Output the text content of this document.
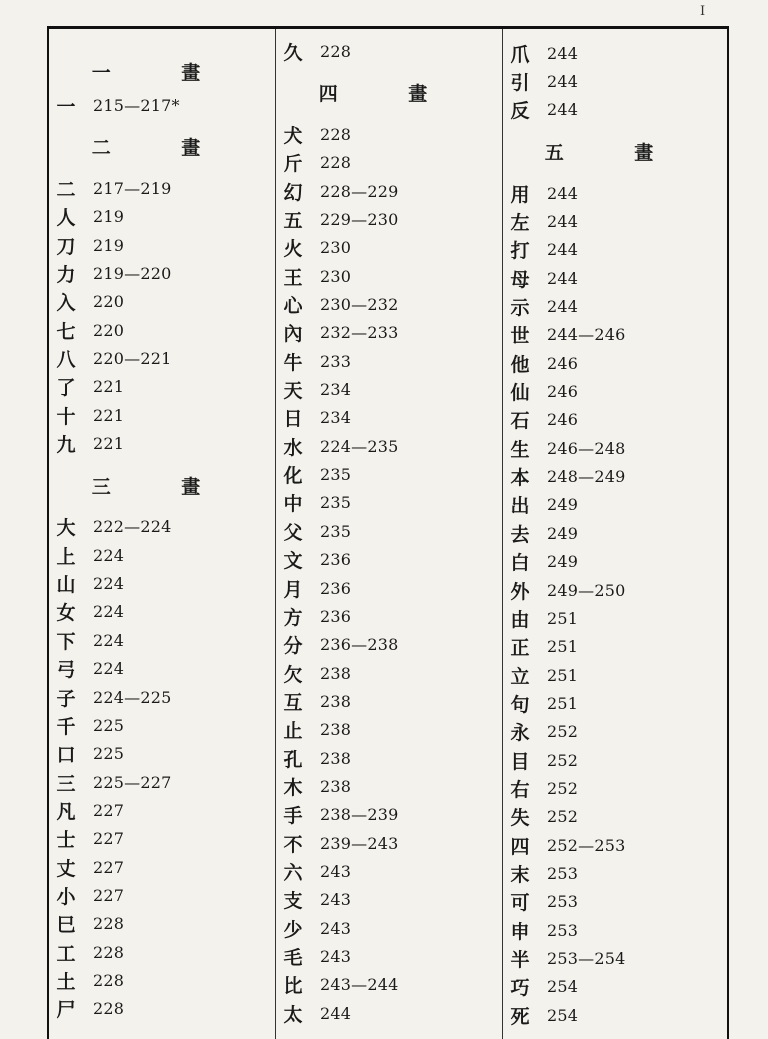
I
一 畫
一	215—217*
二 畫
二	217—219
人	219
刀	219
力	219—220
入	220
七	220
八	220—221
了	221
十	221
九	221
三 畫
大	222—224
上	224
山	224
女	224
下	224
弓	224
子	224—225
千	225
口	225
三	225—227
凡	227
士	227
丈	227
小	227
巳	228
工	228
土	228
尸	228
久	228
四 畫
犬	228
斤	228
幻	228—229
五	229—230
火	230
王	230
心	230—232
內	232—233
牛	233
天	234
日	234
水	224—235
化	235
中	235
父	235
文	236
月	236
方	236
分	236—238
欠	238
互	238
止	238
孔	238
木	238
手	238—239
不	239—243
六	243
支	243
少	243
毛	243
比	243—244
太	244
爪	244
引	244
反	244
五 畫
用	244
左	244
打	244
母	244
示	244
世	244—246
他	246
仙	246
石	246
生	246—248
本	248—249
出	249
去	249
白	249
外	249—250
由	251
正	251
立	251
句	251
永	252
目	252
右	252
失	252
四	252—253
末	253
可	253
申	253
半	253—254
巧	254
死	254
